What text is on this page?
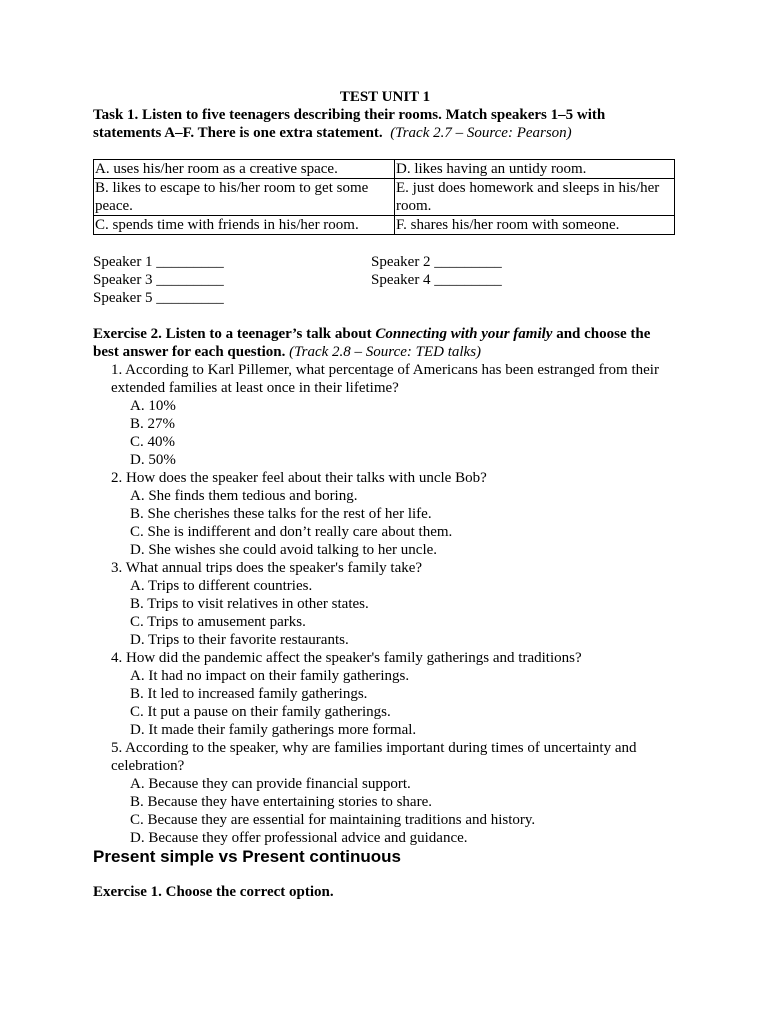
TEST UNIT 1

Task 1. Listen to five teenagers describing their rooms. Match speakers 1–5 with statements A–F. There is one extra statement. (Track 2.7 – Source: Pearson)

A. uses his/her room as a creative space.	D. likes having an untidy room.
B. likes to escape to his/her room to get some peace.	E. just does homework and sleeps in his/her room.
C. spends time with friends in his/her room.	F. shares his/her room with someone.
Speaker 1 _________	Speaker 2 _________
Speaker 3 _________	Speaker 4 _________
Speaker 5 _________
Exercise 2. Listen to a teenager’s talk about Connecting with your family and choose the best answer for each question. (Track 2.8 – Source: TED talks)
1. According to Karl Pillemer, what percentage of Americans has been estranged from their extended families at least once in their lifetime?
A. 10%
B. 27%
C. 40%
D. 50%
2. How does the speaker feel about their talks with uncle Bob?
A. She finds them tedious and boring.
B. She cherishes these talks for the rest of her life.
C. She is indifferent and don’t really care about them.
D. She wishes she could avoid talking to her uncle.
3. What annual trips does the speaker's family take?
A. Trips to different countries.
B. Trips to visit relatives in other states.
C. Trips to amusement parks.
D. Trips to their favorite restaurants.
4. How did the pandemic affect the speaker's family gatherings and traditions?
A. It had no impact on their family gatherings.
B. It led to increased family gatherings.
C. It put a pause on their family gatherings.
D. It made their family gatherings more formal.
5. According to the speaker, why are families important during times of uncertainty and celebration?
A. Because they can provide financial support.
B. Because they have entertaining stories to share.
C. Because they are essential for maintaining traditions and history.
D. Because they offer professional advice and guidance.
Present simple vs Present continuous
Exercise 1. Choose the correct option.
